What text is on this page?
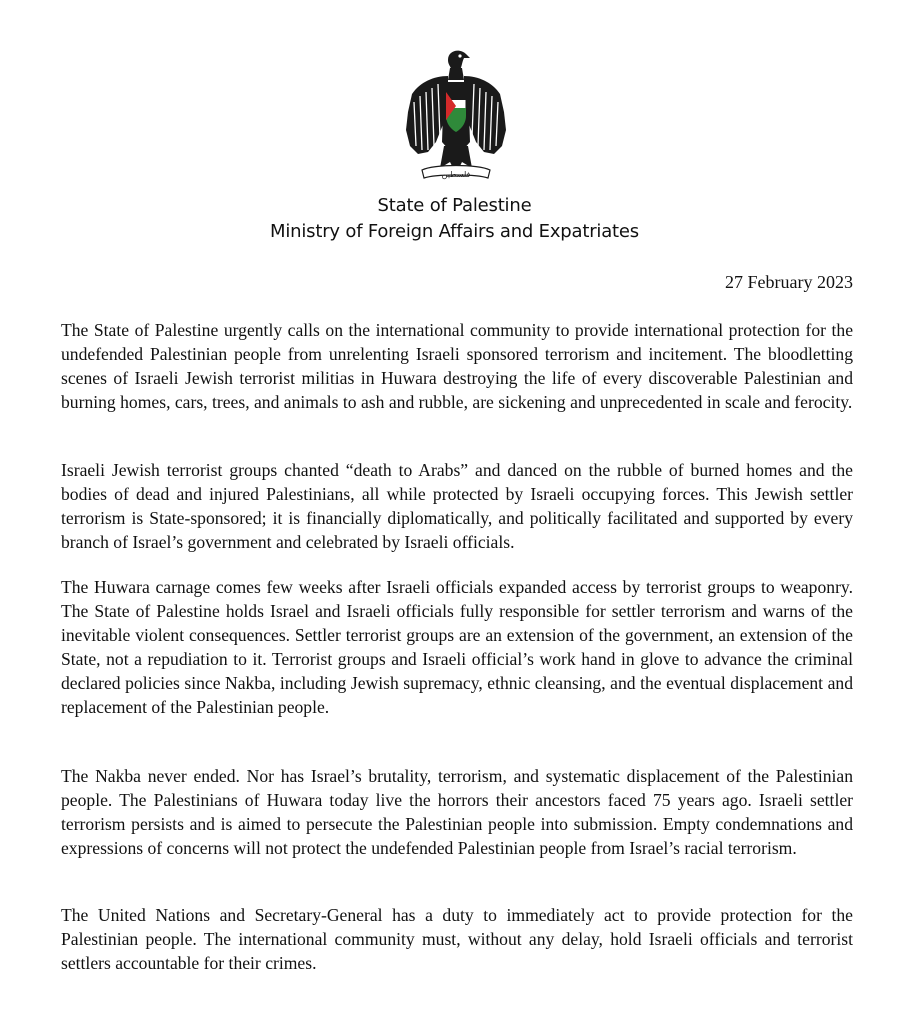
فلسطين
State of Palestine
Ministry of Foreign Affairs and Expatriates
27 February 2023

The State of Palestine urgently calls on the international community to provide international protection for the undefended Palestinian people from unrelenting Israeli sponsored terrorism and incitement. The bloodletting scenes of Israeli Jewish terrorist militias in Huwara destroying the life of every discoverable Palestinian and burning homes, cars, trees, and animals to ash and rubble, are sickening and unprecedented in scale and ferocity.

Israeli Jewish terrorist groups chanted “death to Arabs” and danced on the rubble of burned homes and the bodies of dead and injured Palestinians, all while protected by Israeli occupying forces. This Jewish settler terrorism is State-sponsored; it is financially diplomatically, and politically facilitated and supported by every branch of Israel’s government and celebrated by Israeli officials.

The Huwara carnage comes few weeks after Israeli officials expanded access by terrorist groups to weaponry. The State of Palestine holds Israel and Israeli officials fully responsible for settler terrorism and warns of the inevitable violent consequences. Settler terrorist groups are an extension of the government, an extension of the State, not a repudiation to it. Terrorist groups and Israeli official’s work hand in glove to advance the criminal declared policies since Nakba, including Jewish supremacy, ethnic cleansing, and the eventual displacement and replacement of the Palestinian people.

The Nakba never ended. Nor has Israel’s brutality, terrorism, and systematic displacement of the Palestinian people. The Palestinians of Huwara today live the horrors their ancestors faced 75 years ago. Israeli settler terrorism persists and is aimed to persecute the Palestinian people into submission. Empty condemnations and expressions of concerns will not protect the undefended Palestinian people from Israel’s racial terrorism.

The United Nations and Secretary-General has a duty to immediately act to provide protection for the Palestinian people. The international community must, without any delay, hold Israeli officials and terrorist settlers accountable for their crimes.
